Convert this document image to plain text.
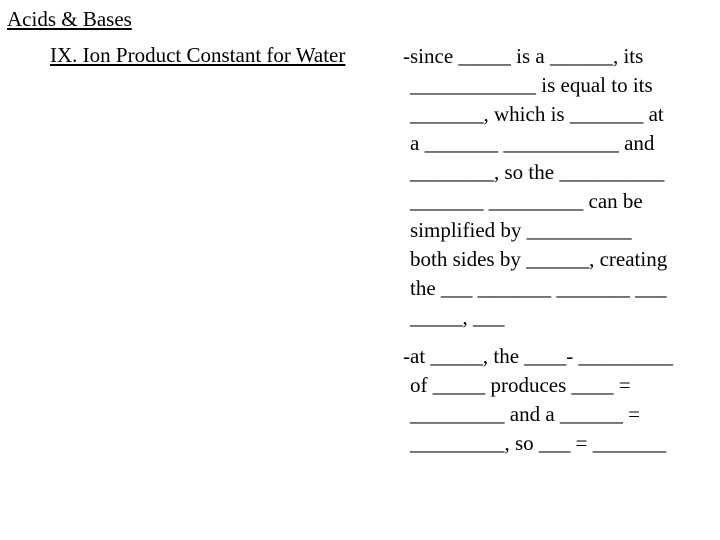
Acids & Bases
IX. Ion Product Constant for Water	-since _____ is a ______, its
____________ is equal to its
_______, which is _______ at
a _______ ___________ and
________, so the __________
_______ _________ can be
simplified by __________
both sides by ______, creating
the ___ _______ _______ ___
_____, ___
-at _____, the ____- _________
of _____ produces ____ =
_________ and a ______ =
_________, so ___ = _______
